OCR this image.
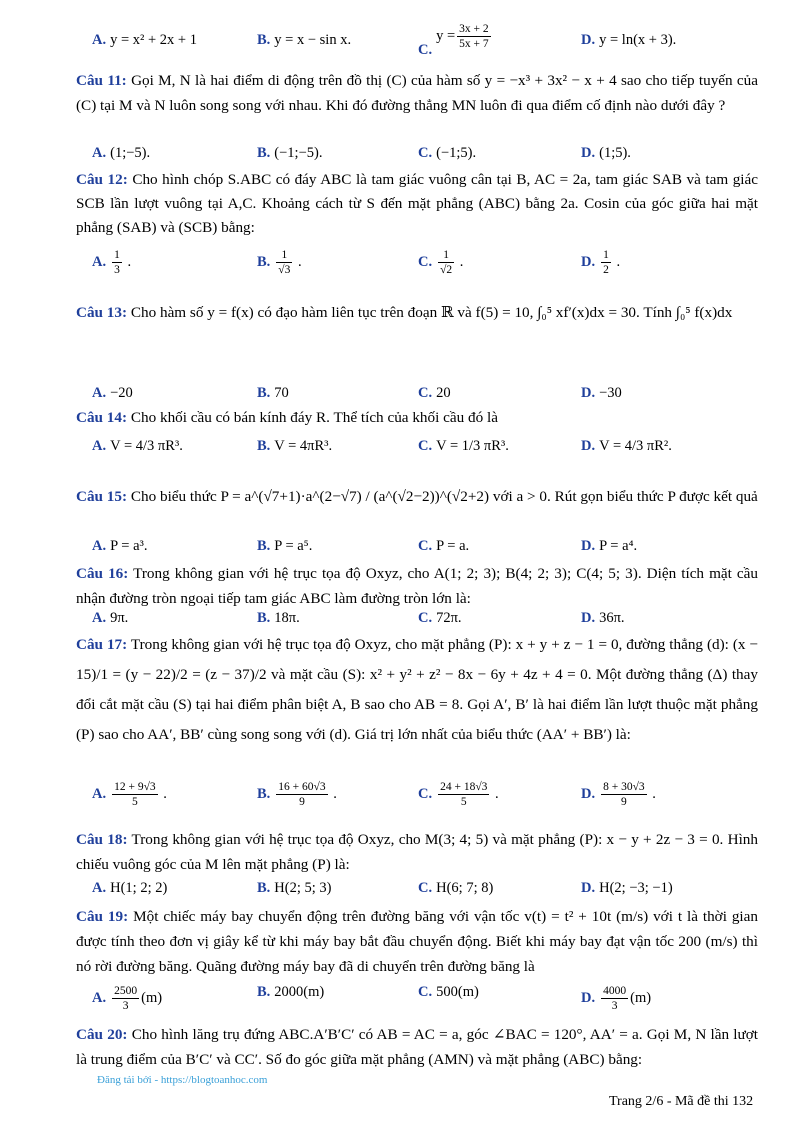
A. y = x² + 2x + 1	B. y = x − sin x.
$C.y = \frac{3x + 2}{5x + 7}$	D. y = ln(x + 3).
Câu 11: Gọi M, N là hai điểm di động trên đồ thị (C) của hàm số y = −x³ + 3x² − x + 4 sao cho tiếp tuyến của (C) tại M và N luôn song song với nhau. Khi đó đường thẳng MN luôn đi qua điểm cố định nào dưới đây ?
A. (1;−5).	B. (−1;−5).	C. (−1;5).	D. (1;5).
Câu 12: Cho hình chóp S.ABC có đáy ABC là tam giác vuông cân tại B, AC = 2a, tam giác SAB và tam giác SCB lần lượt vuông tại A,C. Khoảng cách từ S đến mặt phẳng (ABC) bằng 2a. Cosin của góc giữa hai mặt phẳng (SAB) và (SCB) bằng:
A. $\frac{1}{3}$ .	B. $\frac{1}{√3}$ .	C. $\frac{1}{√2}$ .	D. $\frac{1}{2}$ .
Câu 13: Cho hàm số y = f(x) có đạo hàm liên tục trên đoạn ℝ và f(5) = 10, ∫₀⁵ xf′(x)dx = 30. Tính ∫₀⁵ f(x)dx
A. −20	B. 70	C. 20	D. −30
Câu 14: Cho khối cầu có bán kính đáy R. Thể tích của khối cầu đó là
A. V = 4/3 πR³.	B. V = 4πR³.	C. V = 1/3 πR³.	D. V = 4/3 πR².
Câu 15: Cho biểu thức P = a^(√7+1)·a^(2−√7) / (a^(√2−2))^(√2+2) với a > 0. Rút gọn biểu thức P được kết quả
A. P = a³.	B. P = a⁵.	C. P = a.	D. P = a⁴.
Câu 16: Trong không gian với hệ trục tọa độ Oxyz, cho A(1; 2; 3); B(4; 2; 3); C(4; 5; 3). Diện tích mặt cầu nhận đường tròn ngoại tiếp tam giác ABC làm đường tròn lớn là:
A. 9π.	B. 18π.	C. 72π.	D. 36π.
Câu 17: Trong không gian với hệ trục tọa độ Oxyz, cho mặt phẳng (P): x + y + z − 1 = 0, đường thẳng (d): (x − 15)/1 = (y − 22)/2 = (z − 37)/2 và mặt cầu (S): x² + y² + z² − 8x − 6y + 4z + 4 = 0. Một đường thẳng (Δ) thay đổi cắt mặt cầu (S) tại hai điểm phân biệt A, B sao cho AB = 8. Gọi A′, B′ là hai điểm lần lượt thuộc mặt phẳng (P) sao cho AA′, BB′ cùng song song với (d). Giá trị lớn nhất của biểu thức (AA′ + BB′) là:
A. $\frac{12 + 9√3}{5}$ .	B. $\frac{16 + 60√3}{9}$ .	C. $\frac{24 + 18√3}{5}$ .	D. $\frac{8 + 30√3}{9}$ .
Câu 18: Trong không gian với hệ trục tọa độ Oxyz, cho M(3; 4; 5) và mặt phẳng (P): x − y + 2z − 3 = 0. Hình chiếu vuông góc của M lên mặt phẳng (P) là:
A. H(1; 2; 2)	B. H(2; 5; 3)	C. H(6; 7; 8)	D. H(2; −3; −1)
Câu 19: Một chiếc máy bay chuyển động trên đường băng với vận tốc v(t) = t² + 10t (m/s) với t là thời gian được tính theo đơn vị giây kể từ khi máy bay bắt đầu chuyển động. Biết khi máy bay đạt vận tốc 200 (m/s) thì nó rời đường băng. Quãng đường máy bay đã di chuyển trên đường băng là
A. $\frac{2500}{3} (m)$	B. 2000(m)	C. 500(m)	D. $\frac{4000}{3} (m)$
Câu 20: Cho hình lăng trụ đứng ABC.A′B′C′ có AB = AC = a, góc ∠BAC = 120°, AA′ = a. Gọi M, N lần lượt là trung điểm của B′C′ và CC′. Số đo góc giữa mặt phẳng (AMN) và mặt phẳng (ABC) bằng:
Đăng tải bởi - https://blogtoanhoc.com
Trang 2/6 - Mã đề thi 132
